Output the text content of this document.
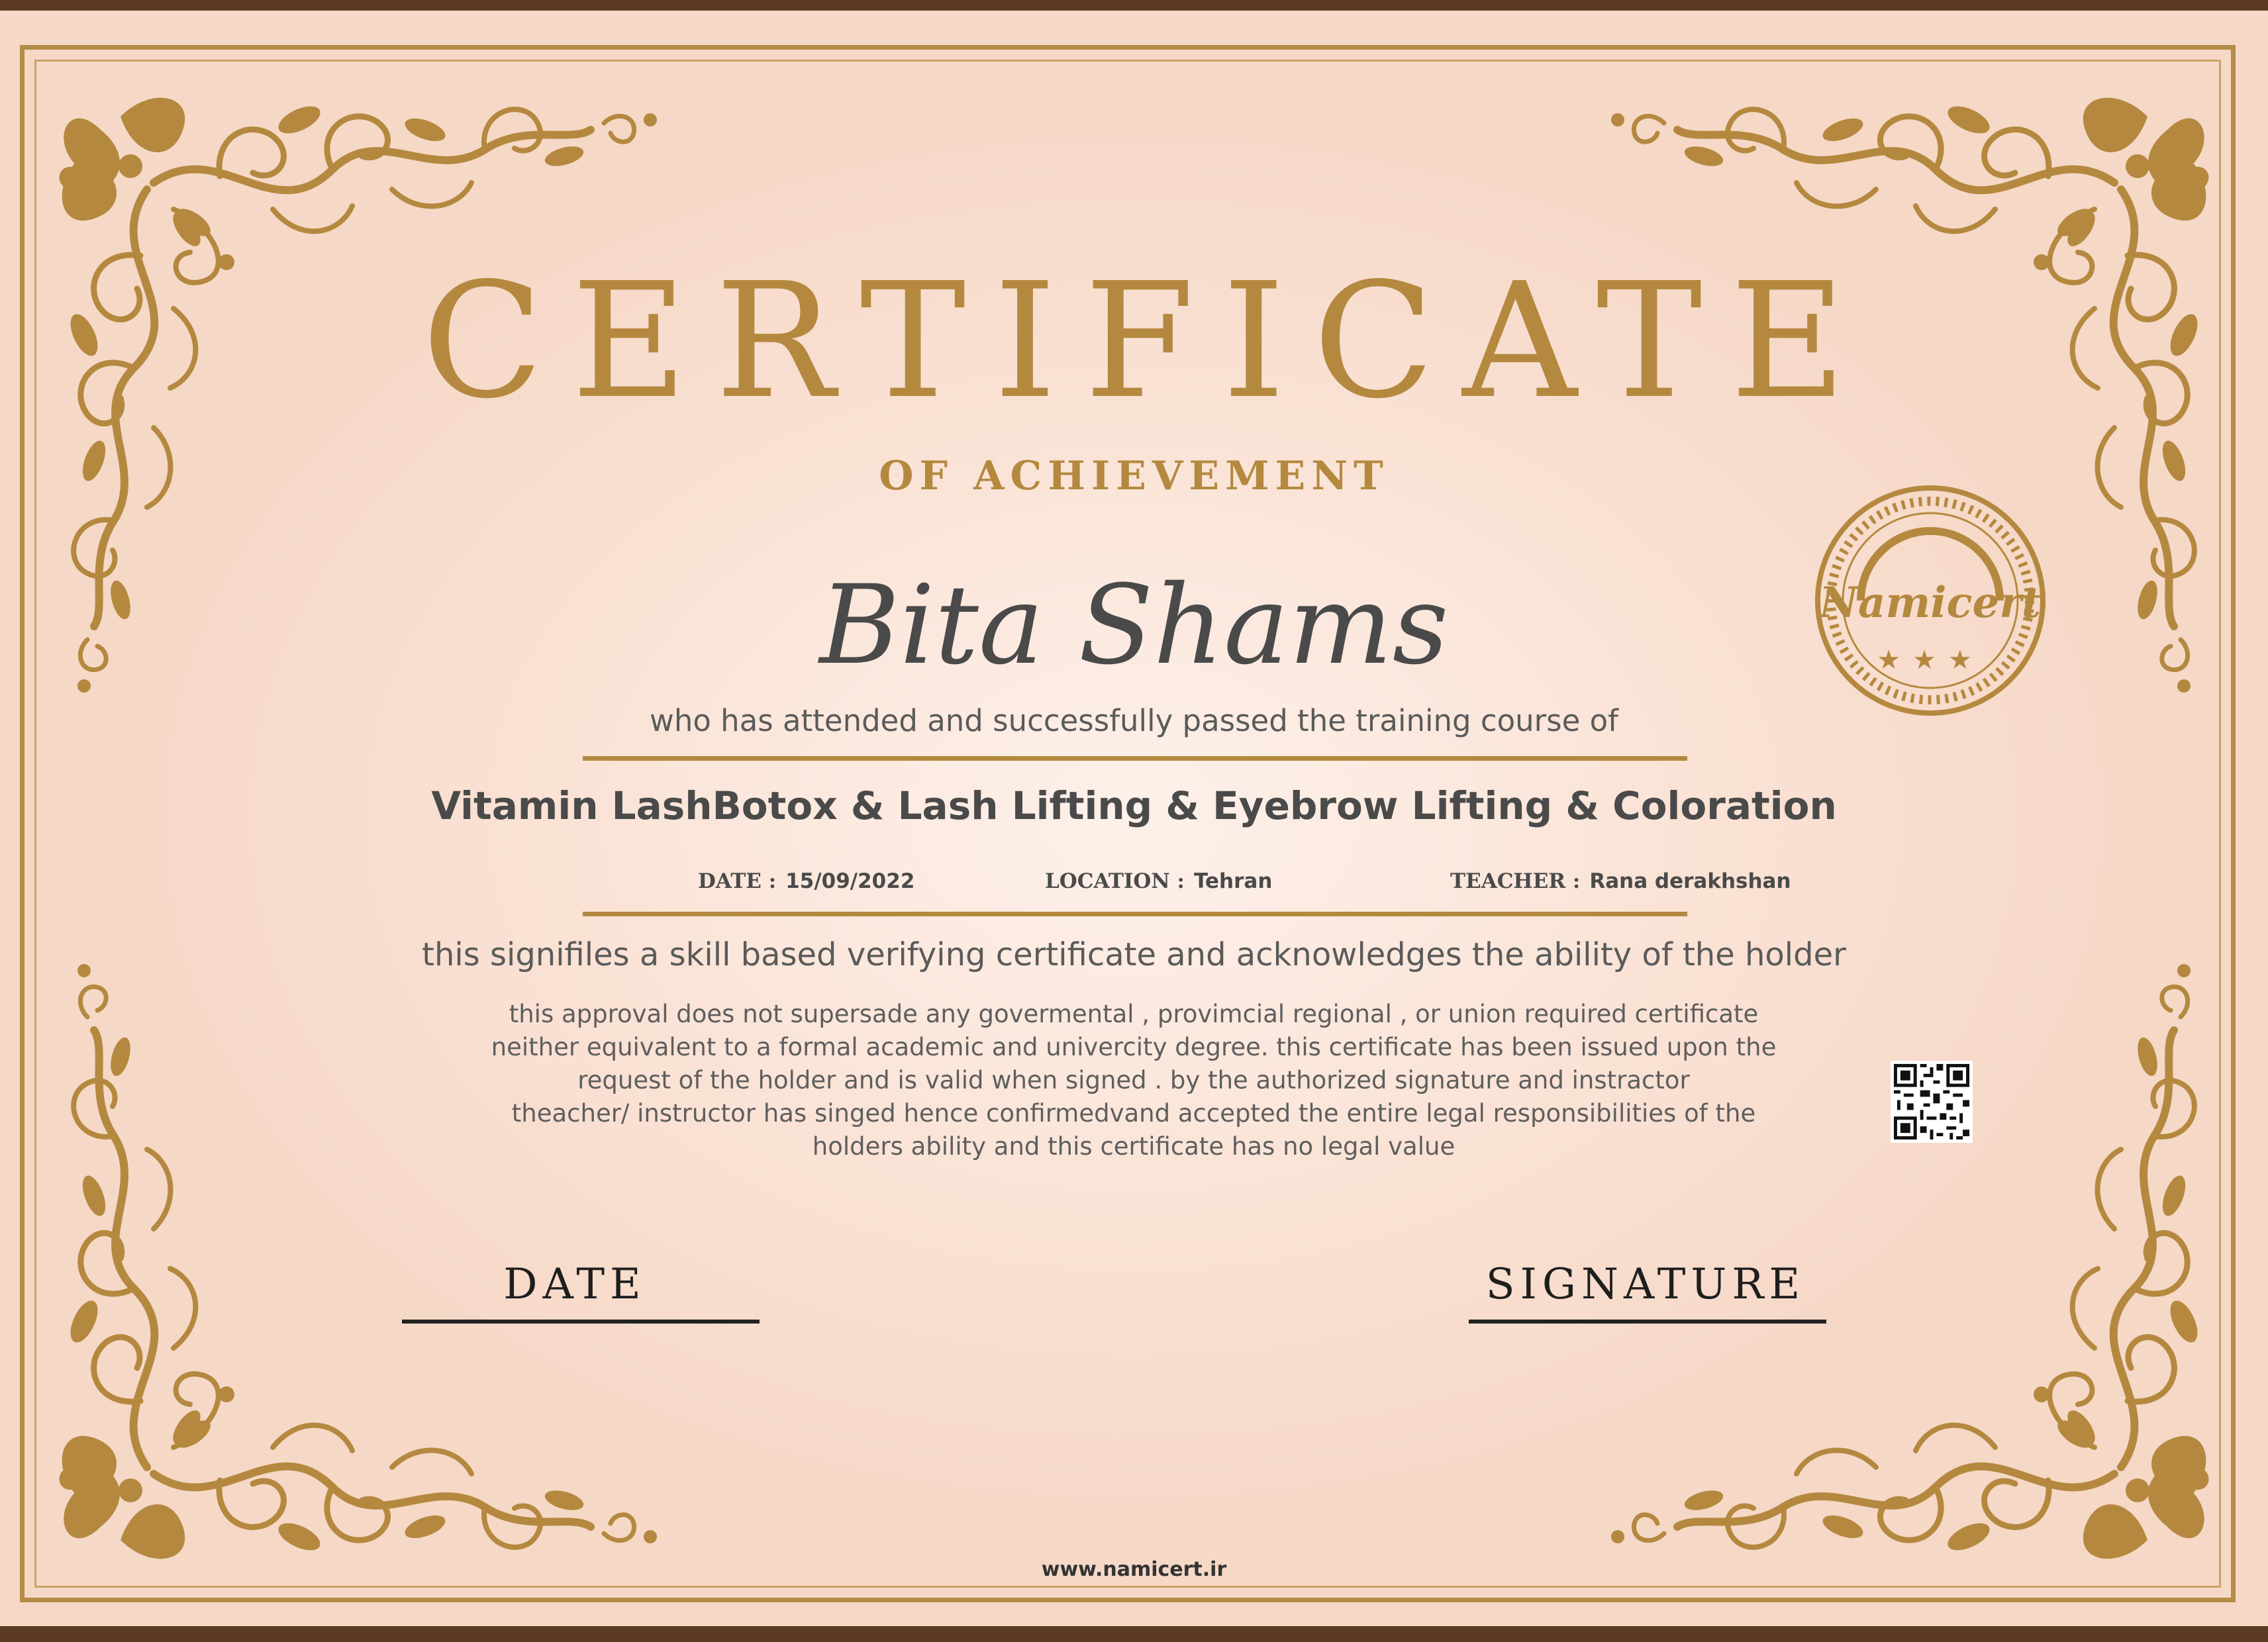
CERTIFICATE
OF ACHIEVEMENT
Bita Shams
who has attended and successfully passed the training course of
Vitamin LashBotox & Lash Lifting & Eyebrow Lifting & Coloration
DATE : 15/09/2022	LOCATION : Tehran	TEACHER : Rana derakhshan
this signifiles a skill based verifying certificate and acknowledges the ability of the holder
this approval does not supersade any govermental , provimcial regional , or union required certificate
neither equivalent to a formal academic and univercity degree. this certificate has been issued upon the
request of the holder and is valid when signed . by the authorized signature and instractor
theacher/ instructor has singed hence confirmedvand accepted the entire legal responsibilities of the
holders ability and this certificate has no legal value
DATE	SIGNATURE
Namicert
★★★
www.namicert.ir
